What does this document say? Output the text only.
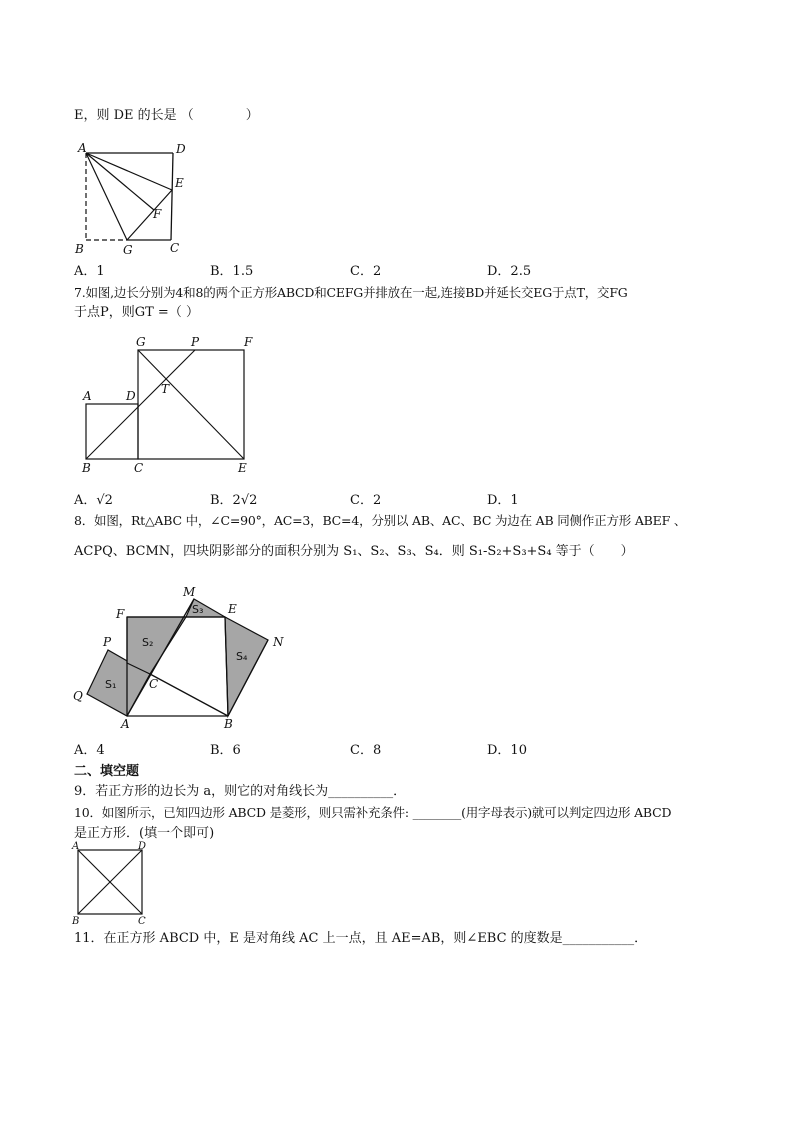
E，则 DE 的长是 （　　　　）
A	D
E
F
B	G	C
A．1	B．1.5	C．2	D．2.5
7.如图,边长分别为4和8的两个正方形ABCD和CEFG并排放在一起,连接BD并延长交EG于点T，交FG
于点P，则GT =（ ）
G	P	F
A	D T
B	C	E
A．√2	B．2√2	C．2	D．1
8．如图，Rt△ABC 中，∠C=90°，AC=3，BC=4，分别以 AB、AC、BC 为边在 AB 同侧作正方形 ABEF 、
ACPQ、BCMN，四块阴影部分的面积分别为 S₁、S₂、S₃、S₄．则 S₁-S₂+S₃+S₄ 等于（　　）
M
F	E
N
P
C
Q
A	B
S₁
S₂
S₃
S₄
A．4	B．6	C．8	D．10
二、填空题
9．若正方形的边长为 a，则它的对角线长为__________．
10．如图所示，已知四边形 ABCD 是菱形，则只需补充条件: ________(用字母表示)就可以判定四边形 ABCD
是正方形．(填一个即可)
A	D
B	C
11．在正方形 ABCD 中，E 是对角线 AC 上一点，且 AE=AB，则∠EBC 的度数是___________．
